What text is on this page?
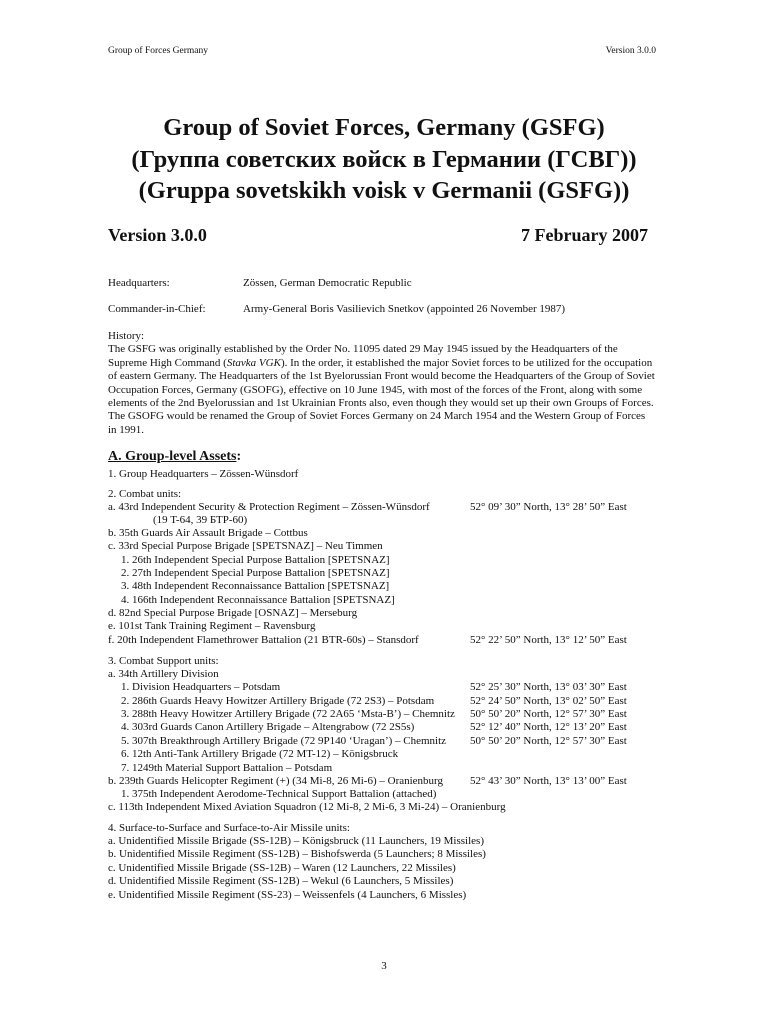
Group of Forces Germany	Version 3.0.0
Group of Soviet Forces, Germany (GSFG)
(Группа советских войск в Германии (ГСВГ))
(Gruppa sovetskikh voisk v Germanii (GSFG))
Version 3.0.0	7 February 2007
Headquarters:	Zössen, German Democratic Republic
Commander-in-Chief:	Army-General Boris Vasilievich Snetkov (appointed 26 November 1987)
History:
The GSFG was originally established by the Order No. 11095 dated 29 May 1945 issued by the Headquarters of the Supreme High Command (Stavka VGK). In the order, it established the major Soviet forces to be utilized for the occupation of eastern Germany. The Headquarters of the 1st Byelorussian Front would become the Headquarters of the Group of Soviet Occupation Forces, Germany (GSOFG), effective on 10 June 1945, with most of the forces of the Front, along with some elements of the 2nd Byelorussian and 1st Ukrainian Fronts also, even though they would set up their own Groups of Forces. The GSOFG would be renamed the Group of Soviet Forces Germany on 24 March 1954 and the Western Group of Forces in 1991.
A. Group-level Assets:
1. Group Headquarters – Zössen-Wünsdorf
2. Combat units:
a. 43rd Independent Security & Protection Regiment – Zössen-Wünsdorf	52° 09’ 30” North, 13° 28’ 50” East
(19 T-64, 39 БТР-60)
b. 35th Guards Air Assault Brigade – Cottbus
c. 33rd Special Purpose Brigade [SPETSNAZ] – Neu Timmen
1. 26th Independent Special Purpose Battalion [SPETSNAZ]
2. 27th Independent Special Purpose Battalion [SPETSNAZ]
3. 48th Independent Reconnaissance Battalion [SPETSNAZ]
4. 166th Independent Reconnaissance Battalion [SPETSNAZ]
d. 82nd Special Purpose Brigade [OSNAZ] – Merseburg
e. 101st Tank Training Regiment – Ravensburg
f. 20th Independent Flamethrower Battalion (21 BTR-60s) – Stansdorf	52° 22’ 50” North, 13° 12’ 50” East
3. Combat Support units:
a. 34th Artillery Division
1. Division Headquarters – Potsdam	52° 25’ 30” North, 13° 03’ 30” East
2. 286th Guards Heavy Howitzer Artillery Brigade (72 2S3) – Potsdam	52° 24’ 50” North, 13° 02’ 50” East
3. 288th Heavy Howitzer Artillery Brigade (72 2A65 ‘Msta-B’) – Chemnitz 50° 50’ 20” North, 12° 57’ 30” East
4. 303rd Guards Canon Artillery Brigade – Altengrabow (72 2S5s)	52° 12’ 40” North, 12° 13’ 20” East
5. 307th Breakthrough Artillery Brigade (72 9P140 ‘Uragan’) – Chemnitz 50° 50’ 20” North, 12° 57’ 30” East
6. 12th Anti-Tank Artillery Brigade (72 MT-12) – Königsbruck
7. 1249th Material Support Battalion – Potsdam
b. 239th Guards Helicopter Regiment (+) (34 Mi-8, 26 Mi-6) – Oranienburg 52° 43’ 30” North, 13° 13’ 00” East
1. 375th Independent Aerodome-Technical Support Battalion (attached)
c. 113th Independent Mixed Aviation Squadron (12 Mi-8, 2 Mi-6, 3 Mi-24) – Oranienburg
4. Surface-to-Surface and Surface-to-Air Missile units:
a. Unidentified Missile Brigade (SS-12B) – Königsbruck (11 Launchers, 19 Missiles)
b. Unidentified Missile Regiment (SS-12B) – Bishofswerda (5 Launchers; 8 Missiles)
c. Unidentified Missile Brigade (SS-12B) – Waren (12 Launchers, 22 Missiles)
d. Unidentified Missile Regiment (SS-12B) – Wekul (6 Launchers, 5 Missiles)
e. Unidentified Missile Regiment (SS-23) – Weissenfels (4 Launchers, 6 Missles)
3
